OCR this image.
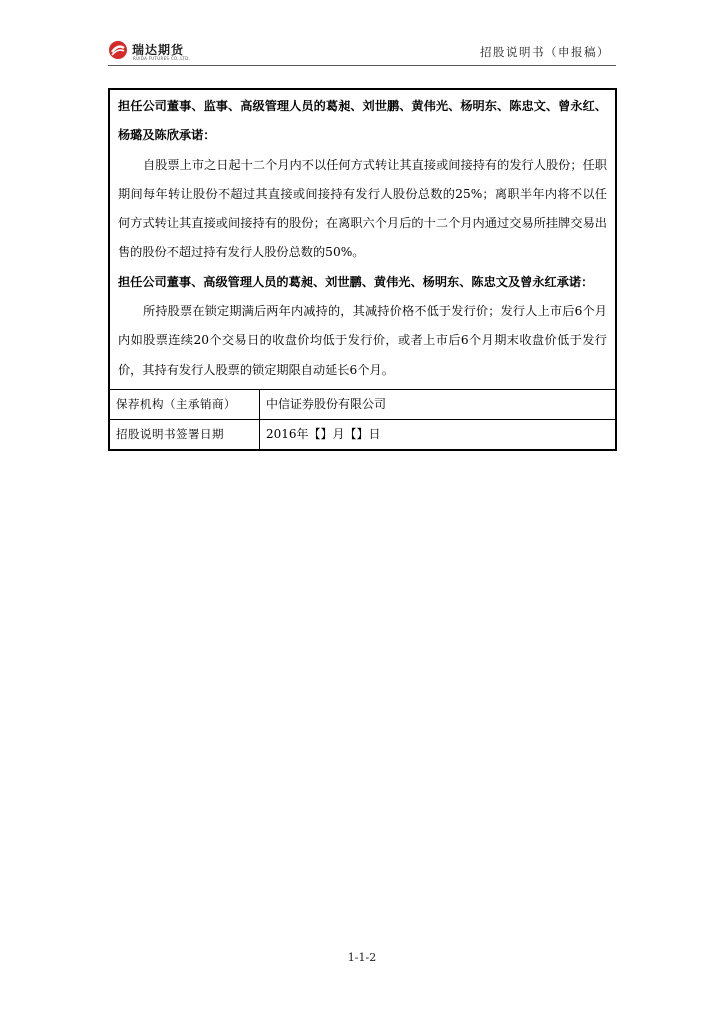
瑞达期货
RUIDA FUTURES CO.,LTD.	招股说明书（申报稿）

担任公司董事、监事、高级管理人员的葛昶、刘世鹏、黄伟光、杨明东、陈忠文、曾永红、杨璐及陈欣承诺：

自股票上市之日起十二个月内不以任何方式转让其直接或间接持有的发行人股份；任职期间每年转让股份不超过其直接或间接持有发行人股份总数的25%；离职半年内将不以任何方式转让其直接或间接持有的股份；在离职六个月后的十二个月内通过交易所挂牌交易出售的股份不超过持有发行人股份总数的50%。

担任公司董事、高级管理人员的葛昶、刘世鹏、黄伟光、杨明东、陈忠文及曾永红承诺：

所持股票在锁定期满后两年内减持的，其减持价格不低于发行价；发行人上市后6个月内如股票连续20个交易日的收盘价均低于发行价，或者上市后6个月期末收盘价低于发行价，其持有发行人股票的锁定期限自动延长6个月。

保荐机构（主承销商）	中信证券股份有限公司
招股说明书签署日期	2016年【】月【】日
1-1-2
